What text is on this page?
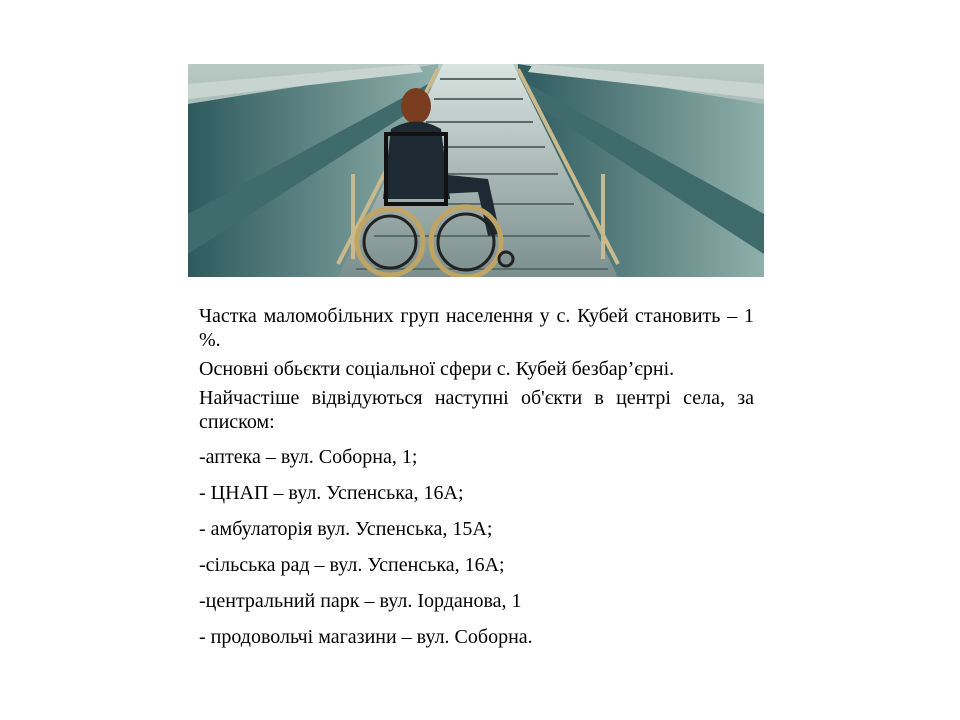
Частка маломобільних груп населення у с. Кубей становить – 1 %.

Основні обьєкти соціальної сфери с. Кубей безбар’єрні.

Найчастіше відвідуються наступні об'єкти в центрі села, за списком:

-аптека – вул. Соборна, 1;

- ЦНАП – вул. Успенська, 16А;

- амбулаторія вул. Успенська, 15А;

-сільська рад – вул. Успенська, 16А;

-центральний парк – вул. Іорданова, 1

- продовольчі магазини – вул. Соборна.
